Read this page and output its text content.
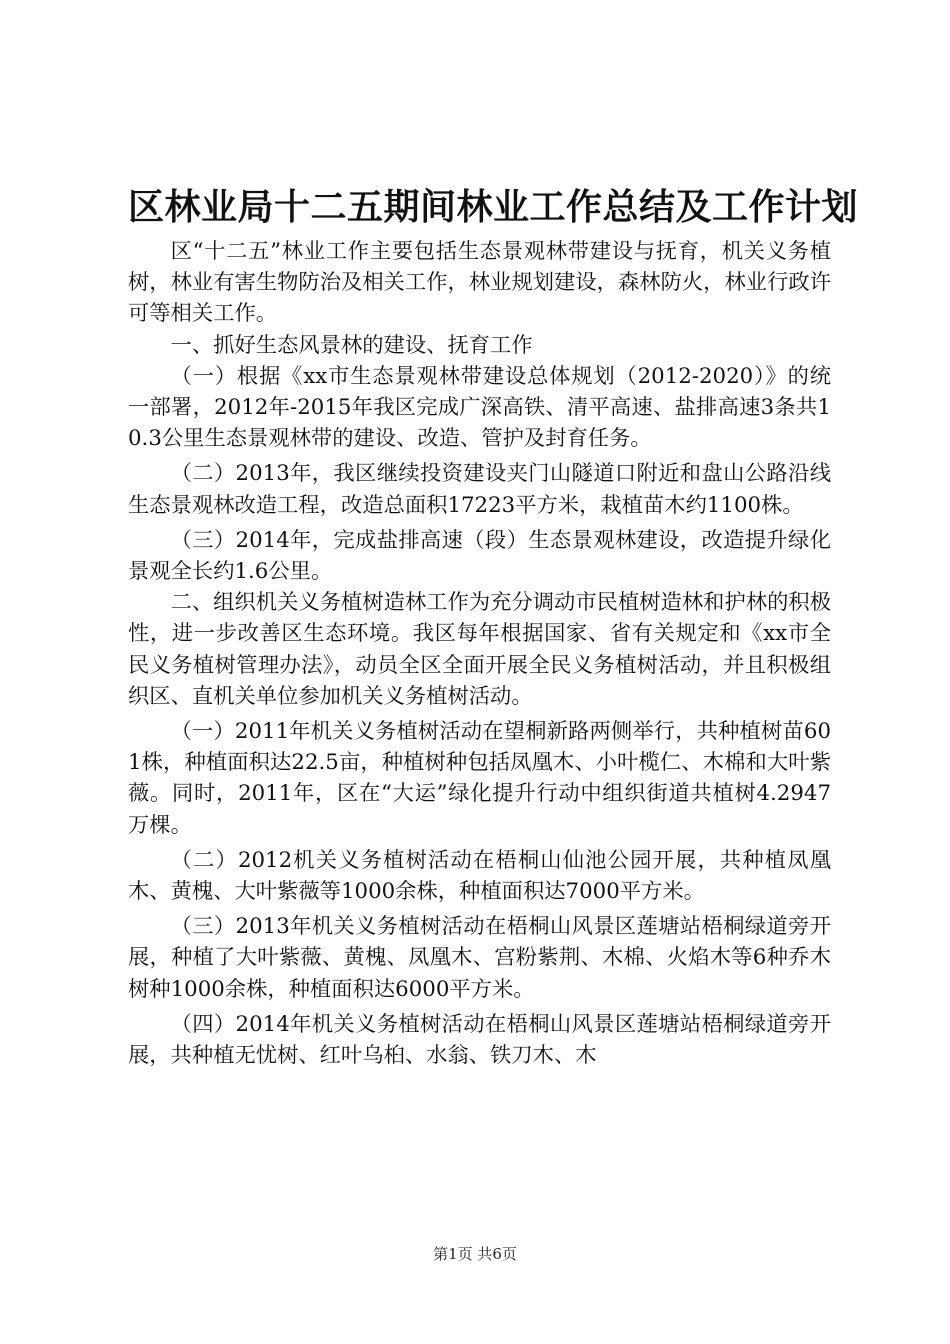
区林业局十二五期间林业工作总结及工作计划

区“十二五”林业工作主要包括生态景观林带建设与抚育，机关义务植树，林业有害生物防治及相关工作，林业规划建设，森林防火，林业行政许可等相关工作。

一、抓好生态风景林的建设、抚育工作

（一）根据《xx市生态景观林带建设总体规划（2012-2020）》的统一部署，2012年-2015年我区完成广深高铁、清平高速、盐排高速3条共10.3公里生态景观林带的建设、改造、管护及封育任务。

（二）2013年，我区继续投资建设夹门山隧道口附近和盘山公路沿线生态景观林改造工程，改造总面积17223平方米，栽植苗木约1100株。

（三）2014年，完成盐排高速（段）生态景观林建设，改造提升绿化景观全长约1.6公里。

二、组织机关义务植树造林工作为充分调动市民植树造林和护林的积极性，进一步改善区生态环境。我区每年根据国家、省有关规定和《xx市全民义务植树管理办法》，动员全区全面开展全民义务植树活动，并且积极组织区、直机关单位参加机关义务植树活动。

（一）2011年机关义务植树活动在望桐新路两侧举行，共种植树苗601株，种植面积达22.5亩，种植树种包括凤凰木、小叶榄仁、木棉和大叶紫薇。同时，2011年，区在“大运”绿化提升行动中组织街道共植树4.2947万棵。

（二）2012机关义务植树活动在梧桐山仙池公园开展，共种植凤凰木、黄槐、大叶紫薇等1000余株，种植面积达7000平方米。

（三）2013年机关义务植树活动在梧桐山风景区莲塘站梧桐绿道旁开展，种植了大叶紫薇、黄槐、凤凰木、宫粉紫荆、木棉、火焰木等6种乔木树种1000余株，种植面积达6000平方米。

（四）2014年机关义务植树活动在梧桐山风景区莲塘站梧桐绿道旁开展，共种植无忧树、红叶乌桕、水翁、铁刀木、木

第1页 共6页
